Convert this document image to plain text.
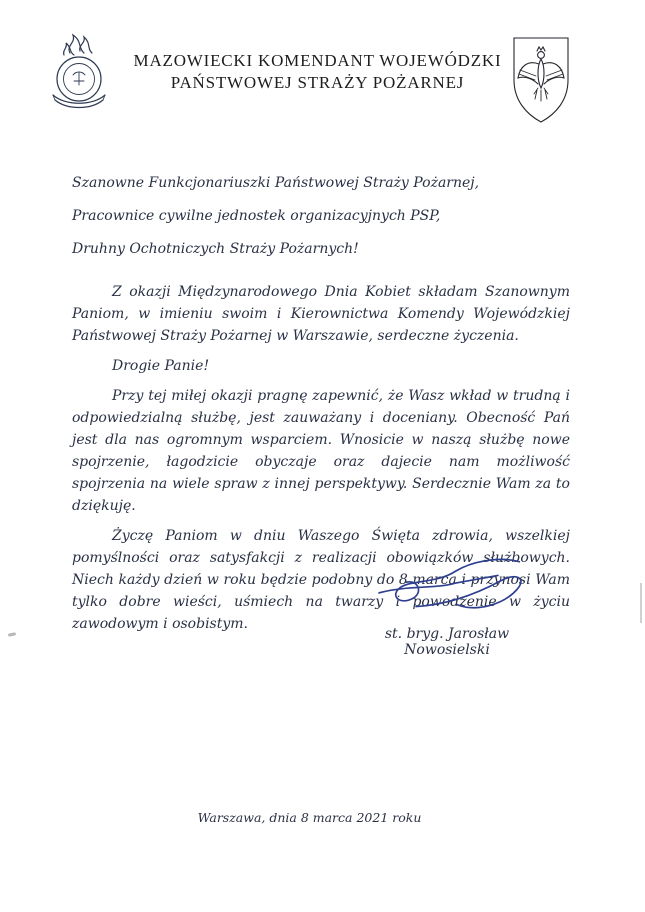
MAZOWIECKI KOMENDANT WOJEWÓDZKI
PAŃSTWOWEJ STRAŻY POŻARNEJ

Szanowne Funkcjonariuszki Państwowej Straży Pożarnej,

Pracownice cywilne jednostek organizacyjnych PSP,

Druhny Ochotniczych Straży Pożarnych!

Z okazji Międzynarodowego Dnia Kobiet składam Szanownym Paniom, w imieniu swoim i Kierownictwa Komendy Wojewódzkiej Państwowej Straży Pożarnej w Warszawie, serdeczne życzenia.

Drogie Panie!

Przy tej miłej okazji pragnę zapewnić, że Wasz wkład w trudną i odpowiedzialną służbę, jest zauważany i doceniany. Obecność Pań jest dla nas ogromnym wsparciem. Wnosicie w naszą służbę nowe spojrzenie, łagodzicie obyczaje oraz dajecie nam możliwość spojrzenia na wiele spraw z innej perspektywy. Serdecznie Wam za to dziękuję.

Życzę Paniom w dniu Waszego Święta zdrowia, wszelkiej pomyślności oraz satysfakcji z realizacji obowiązków służbowych. Niech każdy dzień w roku będzie podobny do 8 marca i przynosi Wam tylko dobre wieści, uśmiech na twarzy i powodzenie w życiu zawodowym i osobistym.

st. bryg. Jarosław Nowosielski
Warszawa, dnia 8 marca 2021 roku
